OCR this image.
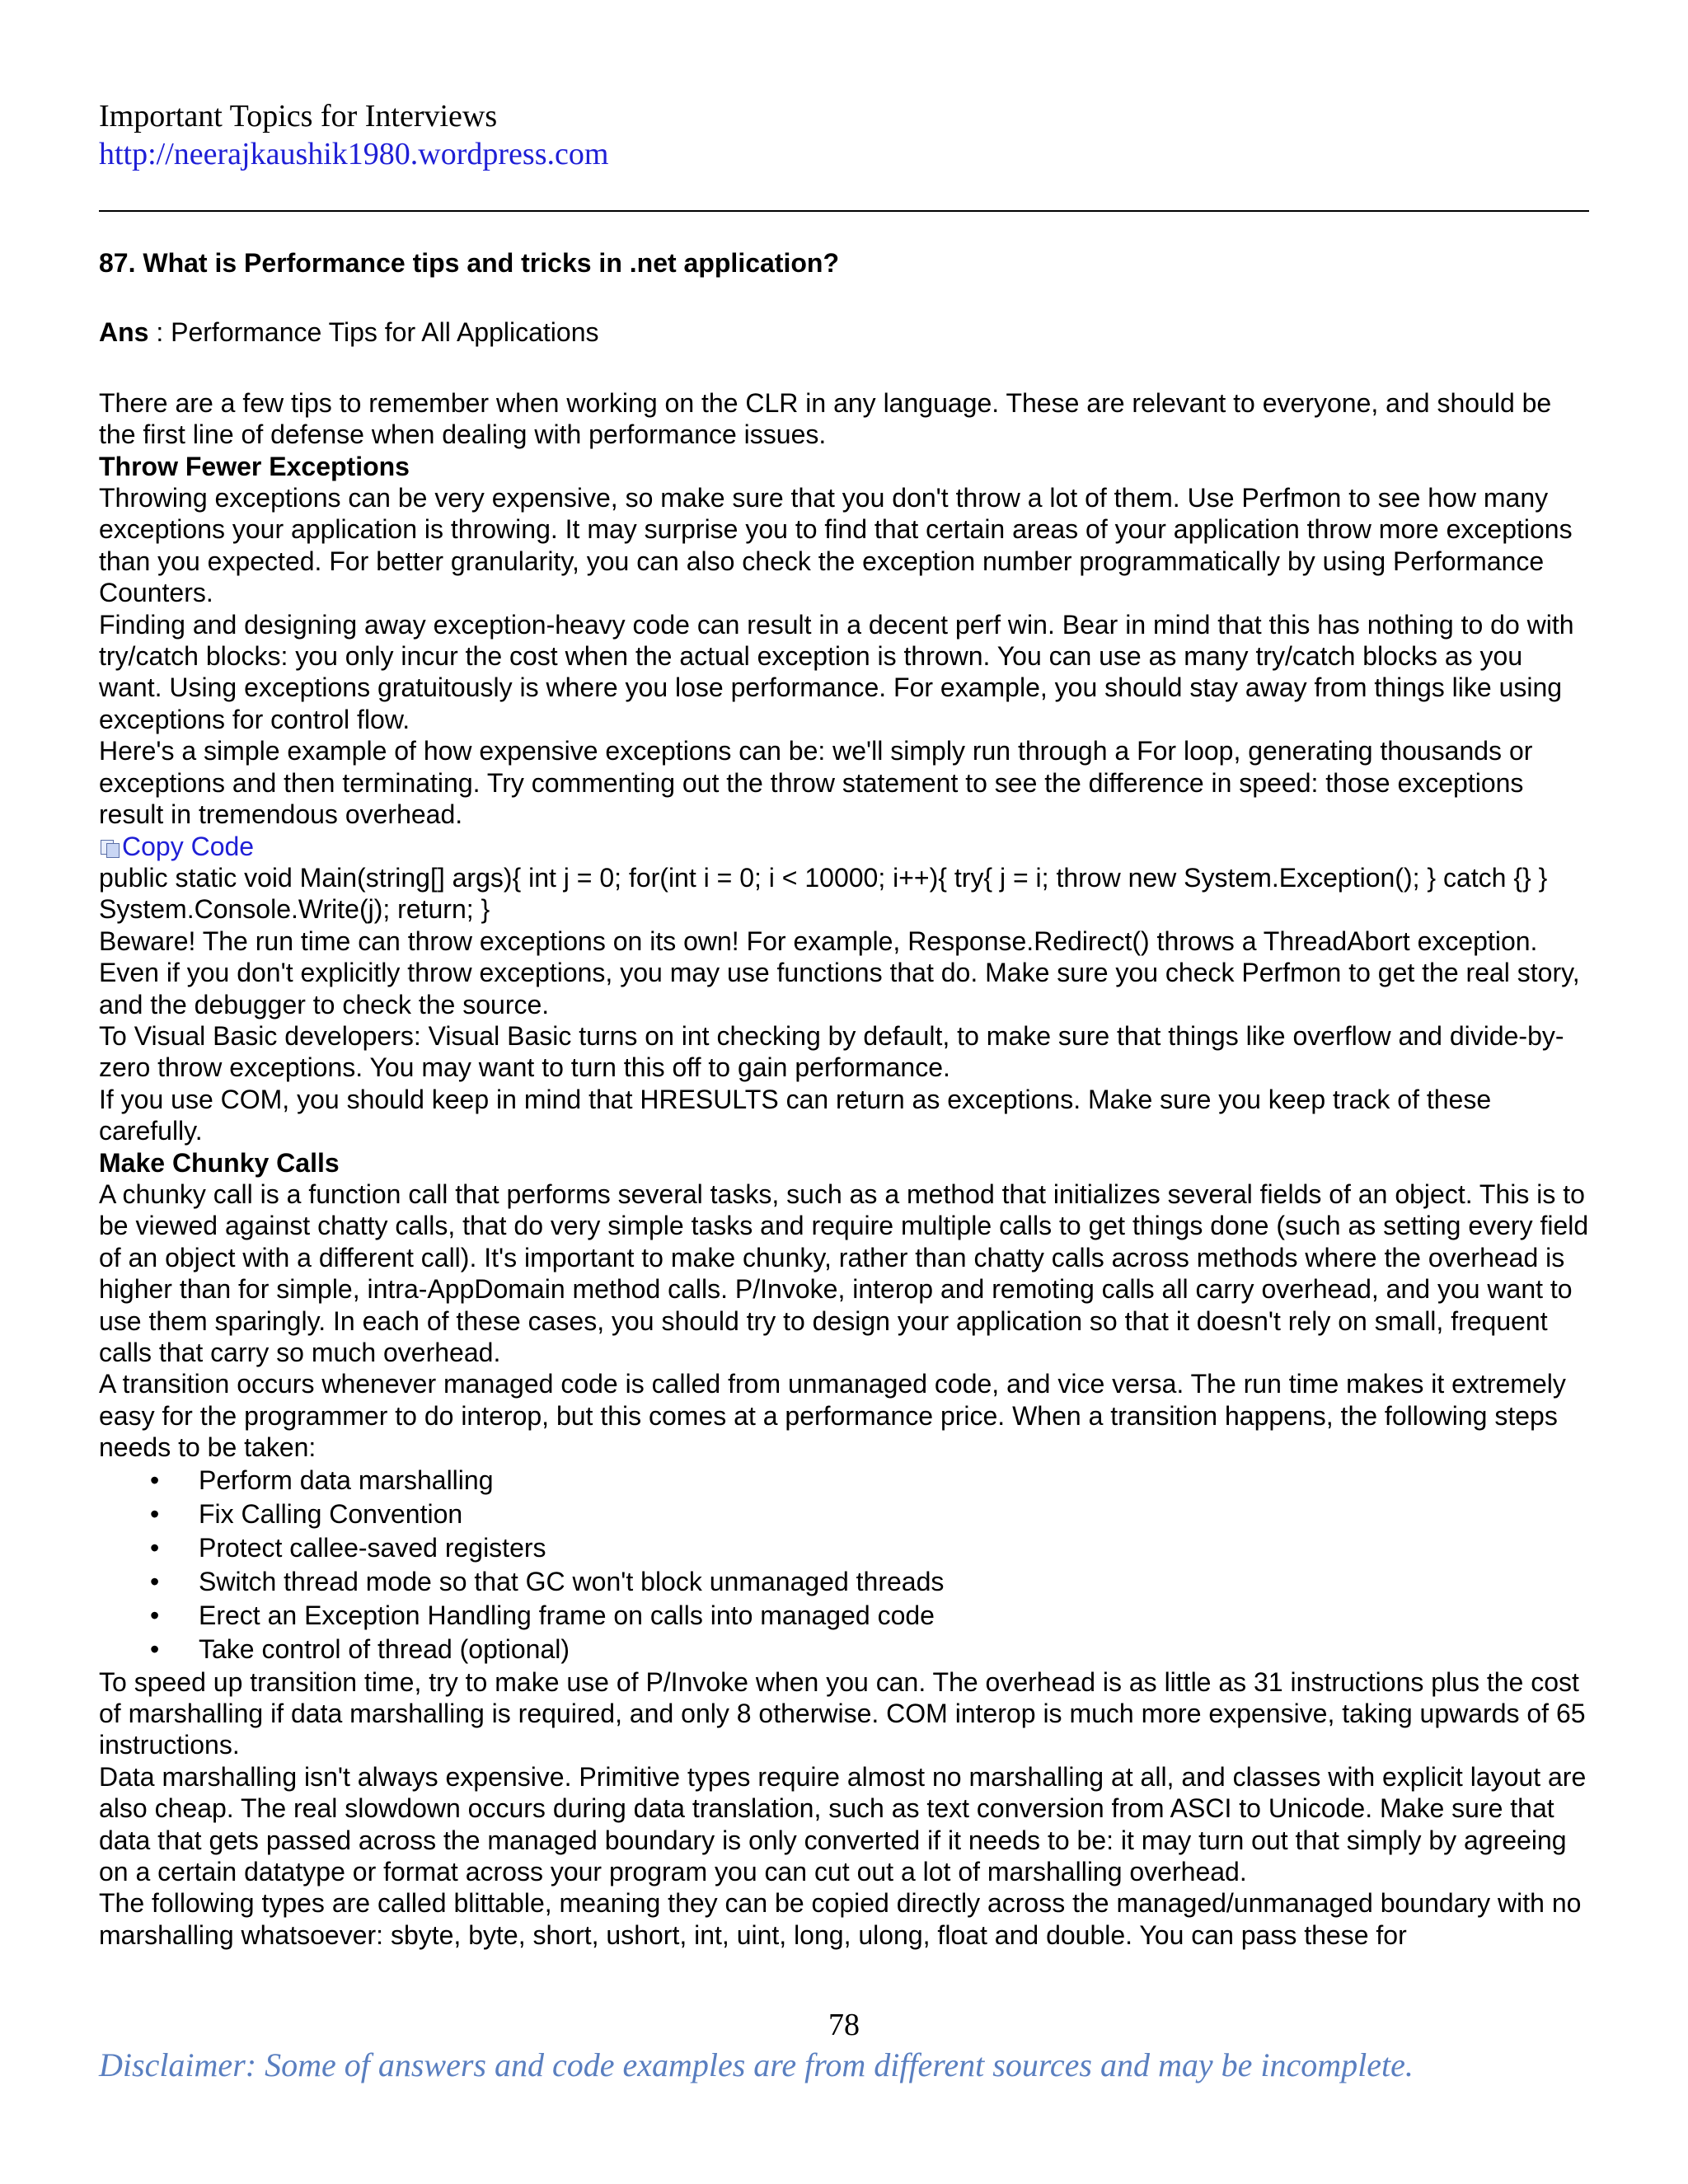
Important Topics for Interviews
http://neerajkaushik1980.wordpress.com

87. What is Performance tips and tricks in .net application?

Ans : Performance Tips for All Applications

There are a few tips to remember when working on the CLR in any language. These are relevant to everyone, and should be the first line of defense when dealing with performance issues.

Throw Fewer Exceptions

Throwing exceptions can be very expensive, so make sure that you don't throw a lot of them. Use Perfmon to see how many exceptions your application is throwing. It may surprise you to find that certain areas of your application throw more exceptions than you expected. For better granularity, you can also check the exception number programmatically by using Performance Counters.

Finding and designing away exception-heavy code can result in a decent perf win. Bear in mind that this has nothing to do with try/catch blocks: you only incur the cost when the actual exception is thrown. You can use as many try/catch blocks as you want. Using exceptions gratuitously is where you lose performance. For example, you should stay away from things like using exceptions for control flow.

Here's a simple example of how expensive exceptions can be: we'll simply run through a For loop, generating thousands or exceptions and then terminating. Try commenting out the throw statement to see the difference in speed: those exceptions result in tremendous overhead.

Copy Code

public static void Main(string[] args){ int j = 0; for(int i = 0; i < 10000; i++){ try{ j = i; throw new System.Exception(); } catch {} } System.Console.Write(j); return; }

Beware! The run time can throw exceptions on its own! For example, Response.Redirect() throws a ThreadAbort exception. Even if you don't explicitly throw exceptions, you may use functions that do. Make sure you check Perfmon to get the real story, and the debugger to check the source.

To Visual Basic developers: Visual Basic turns on int checking by default, to make sure that things like overflow and divide-by-zero throw exceptions. You may want to turn this off to gain performance.

If you use COM, you should keep in mind that HRESULTS can return as exceptions. Make sure you keep track of these carefully.

Make Chunky Calls

A chunky call is a function call that performs several tasks, such as a method that initializes several fields of an object. This is to be viewed against chatty calls, that do very simple tasks and require multiple calls to get things done (such as setting every field of an object with a different call). It's important to make chunky, rather than chatty calls across methods where the overhead is higher than for simple, intra-AppDomain method calls. P/Invoke, interop and remoting calls all carry overhead, and you want to use them sparingly. In each of these cases, you should try to design your application so that it doesn't rely on small, frequent calls that carry so much overhead.

A transition occurs whenever managed code is called from unmanaged code, and vice versa. The run time makes it extremely easy for the programmer to do interop, but this comes at a performance price. When a transition happens, the following steps needs to be taken:

• Perform data marshalling
• Fix Calling Convention
• Protect callee-saved registers
• Switch thread mode so that GC won't block unmanaged threads
• Erect an Exception Handling frame on calls into managed code
• Take control of thread (optional)

To speed up transition time, try to make use of P/Invoke when you can. The overhead is as little as 31 instructions plus the cost of marshalling if data marshalling is required, and only 8 otherwise. COM interop is much more expensive, taking upwards of 65 instructions.

Data marshalling isn't always expensive. Primitive types require almost no marshalling at all, and classes with explicit layout are also cheap. The real slowdown occurs during data translation, such as text conversion from ASCI to Unicode. Make sure that data that gets passed across the managed boundary is only converted if it needs to be: it may turn out that simply by agreeing on a certain datatype or format across your program you can cut out a lot of marshalling overhead.

The following types are called blittable, meaning they can be copied directly across the managed/unmanaged boundary with no marshalling whatsoever: sbyte, byte, short, ushort, int, uint, long, ulong, float and double. You can pass these for

78
Disclaimer: Some of answers and code examples are from different sources and may be incomplete.
